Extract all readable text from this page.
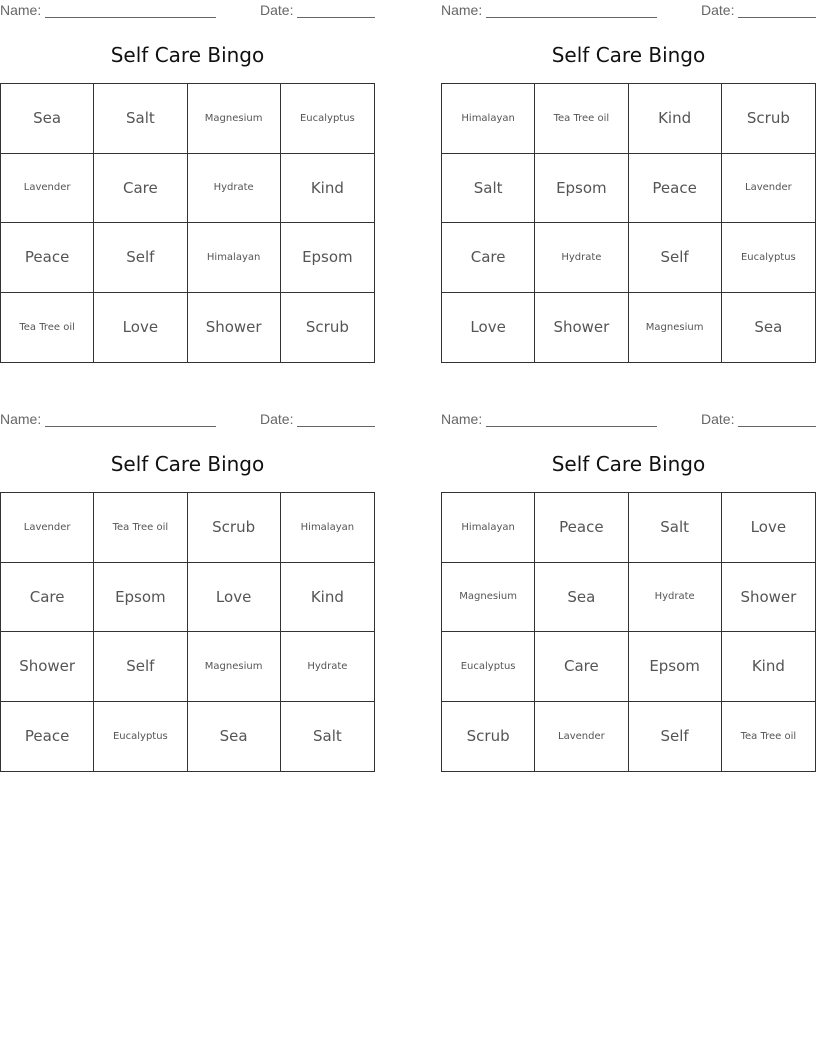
Name:	Date:
Self Care Bingo
Sea	Salt	Magnesium	Eucalyptus
Lavender	Care	Hydrate	Kind
Peace	Self	Himalayan	Epsom
Tea Tree oil	Love	Shower	Scrub
Name:	Date:
Self Care Bingo
Himalayan	Tea Tree oil	Kind	Scrub
Salt	Epsom	Peace	Lavender
Care	Hydrate	Self	Eucalyptus
Love	Shower	Magnesium	Sea
Name:	Date:
Self Care Bingo
Lavender	Tea Tree oil	Scrub	Himalayan
Care	Epsom	Love	Kind
Shower	Self	Magnesium	Hydrate
Peace	Eucalyptus	Sea	Salt
Name:	Date:
Self Care Bingo
Himalayan	Peace	Salt	Love
Magnesium	Sea	Hydrate	Shower
Eucalyptus	Care	Epsom	Kind
Scrub	Lavender	Self	Tea Tree oil
